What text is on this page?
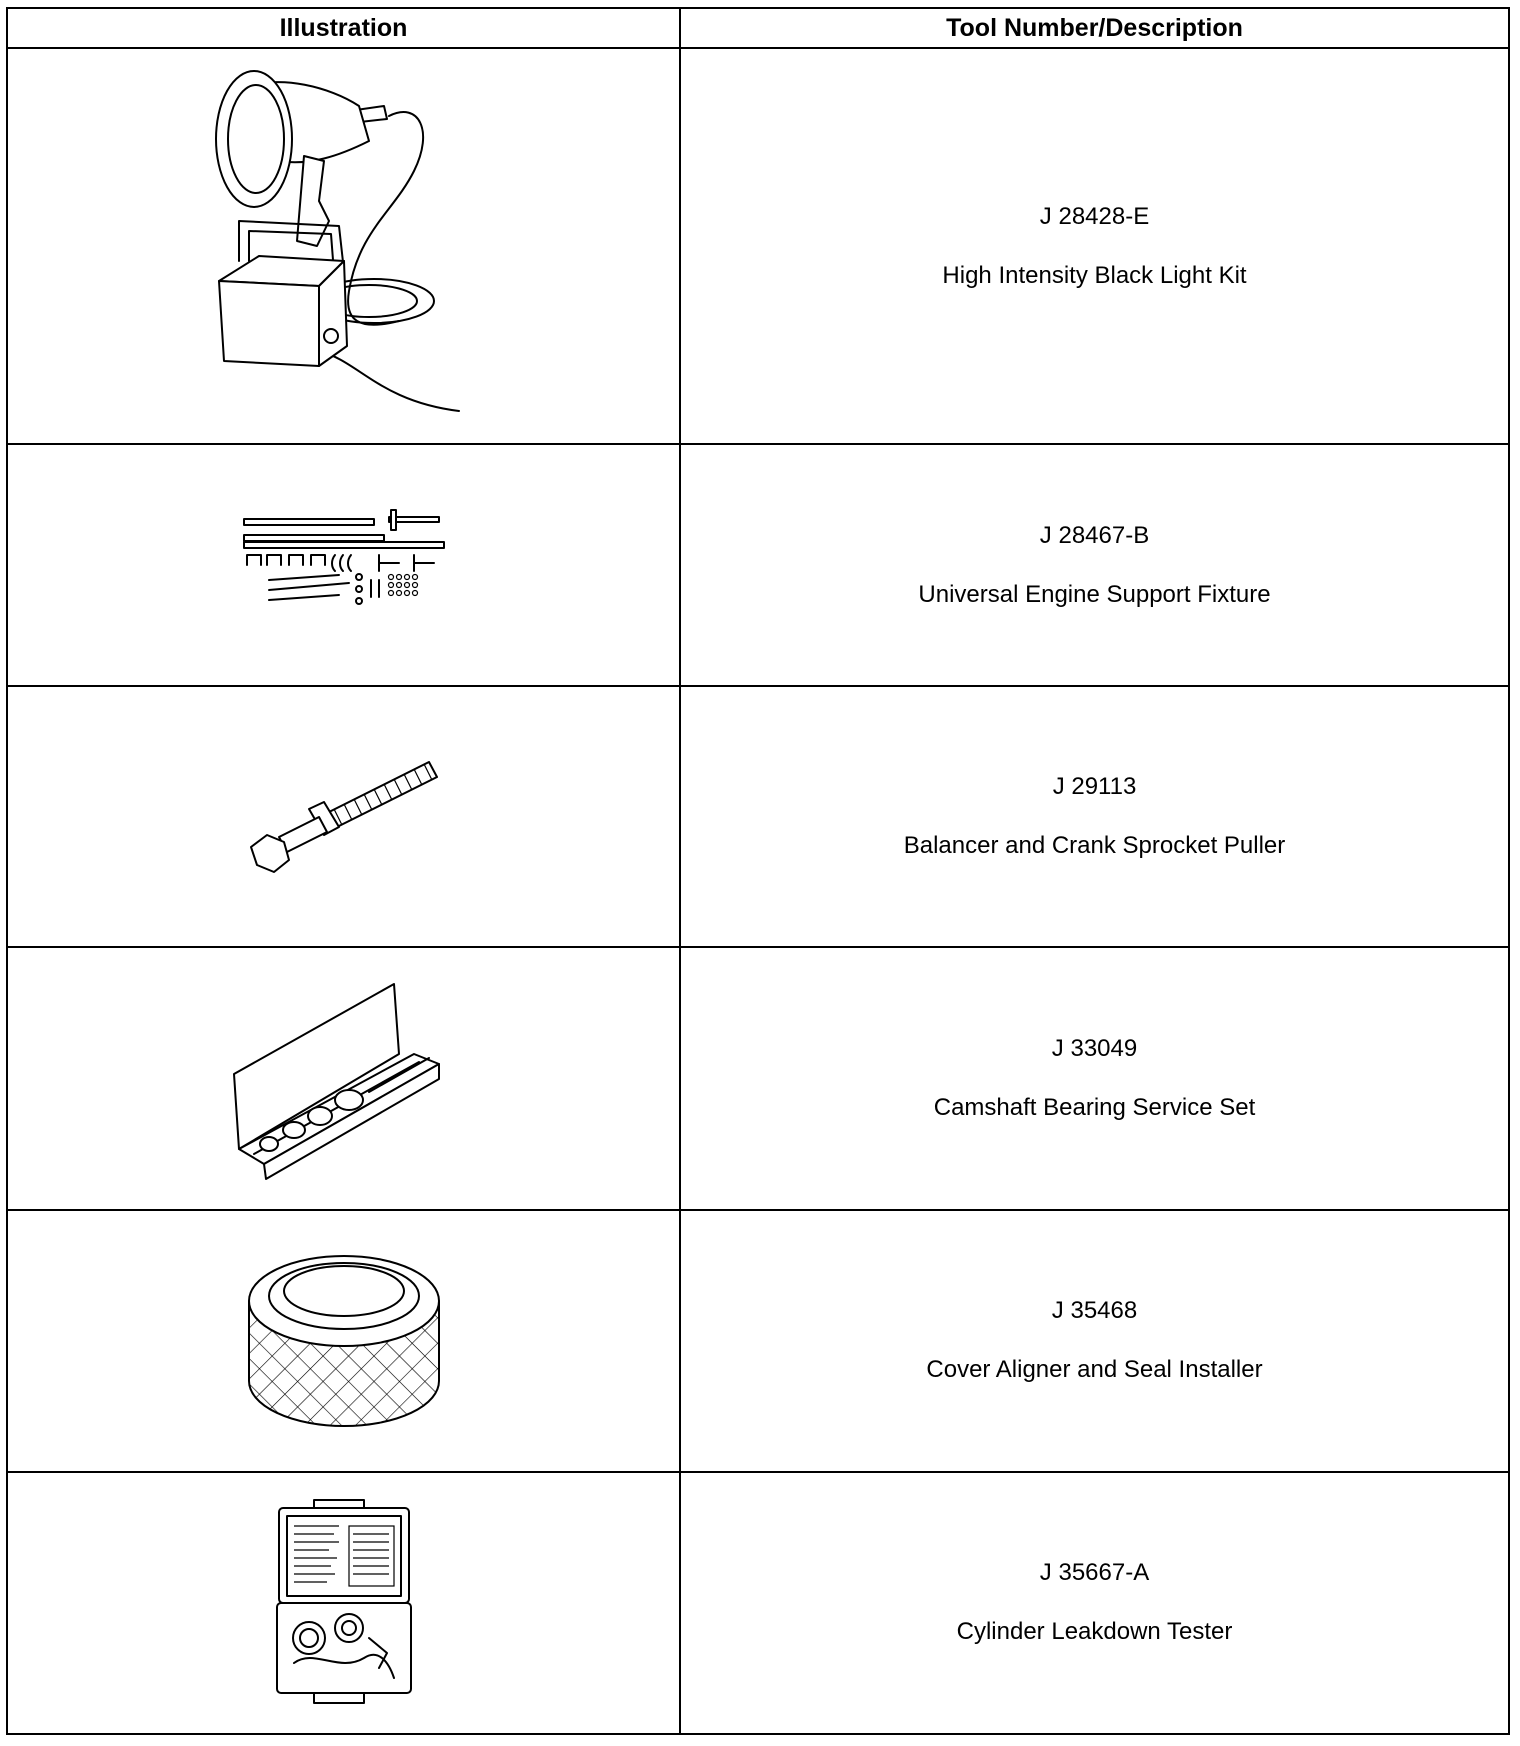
Illustration	Tool Number/Description

J 28428-E
High Intensity Black Light Kit

J 28467-B
Universal Engine Support Fixture

J 29113
Balancer and Crank Sprocket Puller

J 33049
Camshaft Bearing Service Set

J 35468
Cover Aligner and Seal Installer

J 35667-A
Cylinder Leakdown Tester
